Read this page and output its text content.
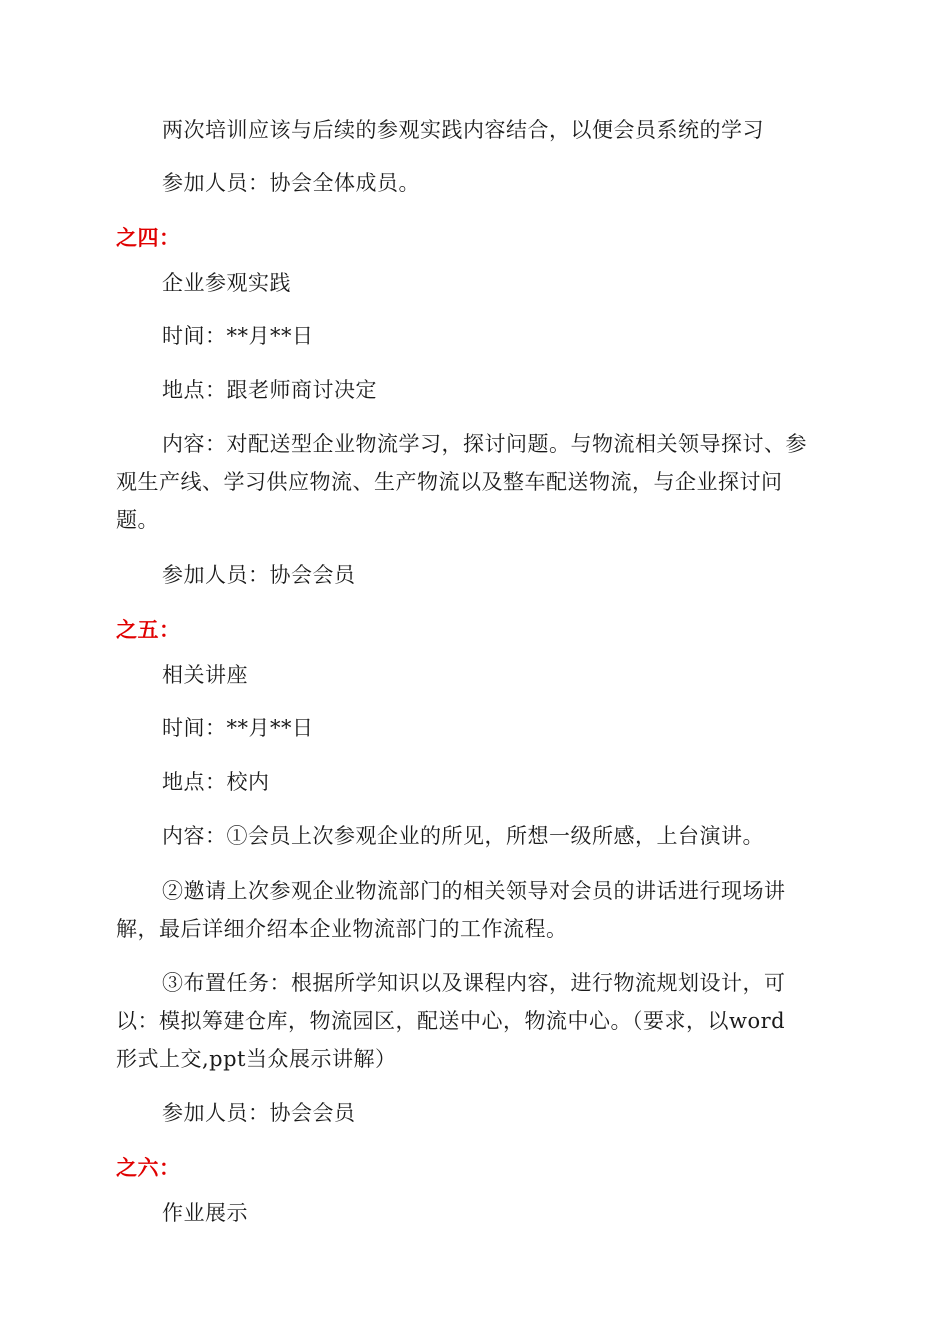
两次培训应该与后续的参观实践内容结合，以便会员系统的学习
参加人员：协会全体成员。
之四：
企业参观实践
时间：**月**日
地点：跟老师商讨决定
内容：对配送型企业物流学习，探讨问题。与物流相关领导探讨、参
观生产线、学习供应物流、生产物流以及整车配送物流，与企业探讨问
题。
参加人员：协会会员
之五：
相关讲座
时间：**月**日
地点：校内
内容：①会员上次参观企业的所见，所想一级所感，上台演讲。
②邀请上次参观企业物流部门的相关领导对会员的讲话进行现场讲
解，最后详细介绍本企业物流部门的工作流程。
③布置任务：根据所学知识以及课程内容，进行物流规划设计，可
以：模拟筹建仓库，物流园区，配送中心，物流中心。（要求，以word
形式上交,ppt当众展示讲解）
参加人员：协会会员
之六：
作业展示
